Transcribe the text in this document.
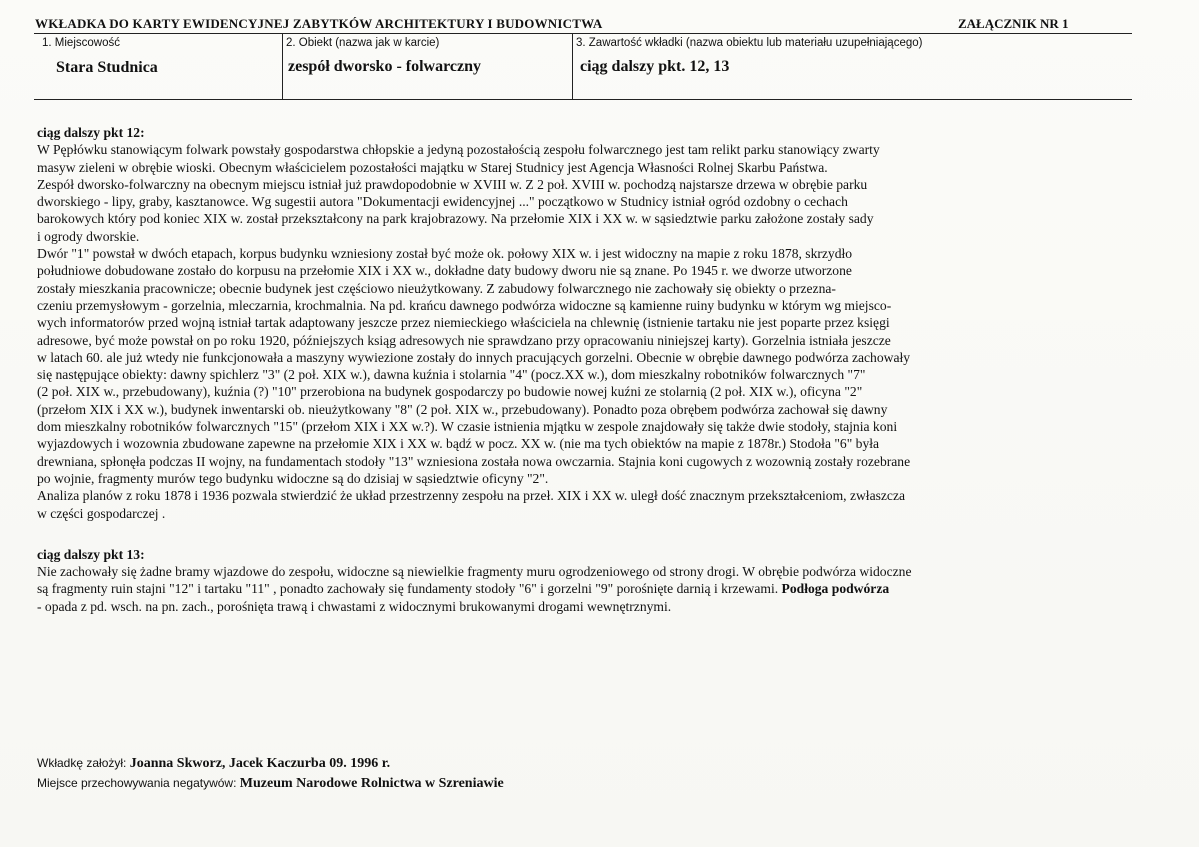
WKŁADKA DO KARTY EWIDENCYJNEJ ZABYTKÓW ARCHITEKTURY I BUDOWNICTWA	ZAŁĄCZNIK NR 1
1. Miejscowość
Stara Studnica
2. Obiekt (nazwa jak w karcie)
zespół dworsko - folwarczny
3. Zawartość wkładki (nazwa obiektu lub materiału uzupełniającego)
ciąg dalszy pkt. 12, 13
ciąg dalszy pkt 12:

W Pępłówku stanowiącym folwark powstały gospodarstwa chłopskie a jedyną pozostałością zespołu folwarcznego jest tam relikt parku stanowiący zwarty
masyw zieleni w obrębie wioski. Obecnym właścicielem pozostałości majątku w Starej Studnicy jest Agencja Własności Rolnej Skarbu Państwa.

Zespół dworsko-folwarczny na obecnym miejscu istniał już prawdopodobnie w XVIII w. Z 2 poł. XVIII w. pochodzą najstarsze drzewa w obrębie parku
dworskiego - lipy, graby, kasztanowce. Wg sugestii autora "Dokumentacji ewidencyjnej ..." początkowo w Studnicy istniał ogród ozdobny o cechach
barokowych który pod koniec XIX w. został przekształcony na park krajobrazowy. Na przełomie XIX i XX w. w sąsiedztwie parku założone zostały sady
i ogrody dworskie.

Dwór "1" powstał w dwóch etapach, korpus budynku wzniesiony został być może ok. połowy XIX w. i jest widoczny na mapie z roku 1878, skrzydło
południowe dobudowane zostało do korpusu na przełomie XIX i XX w., dokładne daty budowy dworu nie są znane. Po 1945 r. we dworze utworzone
zostały mieszkania pracownicze; obecnie budynek jest częściowo nieużytkowany. Z zabudowy folwarcznego nie zachowały się obiekty o przezna-
czeniu przemysłowym - gorzelnia, mleczarnia, krochmalnia. Na pd. krańcu dawnego podwórza widoczne są kamienne ruiny budynku w którym wg miejsco-
wych informatorów przed wojną istniał tartak adaptowany jeszcze przez niemieckiego właściciela na chlewnię (istnienie tartaku nie jest poparte przez księgi
adresowe, być może powstał on po roku 1920, późniejszych ksiąg adresowych nie sprawdzano przy opracowaniu niniejszej karty). Gorzelnia istniała jeszcze
w latach 60. ale już wtedy nie funkcjonowała a maszyny wywiezione zostały do innych pracujących gorzelni. Obecnie w obrębie dawnego podwórza zachowały
się następujące obiekty: dawny spichlerz "3" (2 poł. XIX w.), dawna kuźnia i stolarnia "4" (pocz.XX w.), dom mieszkalny robotników folwarcznych "7"
(2 poł. XIX w., przebudowany), kuźnia (?) "10" przerobiona na budynek gospodarczy po budowie nowej kuźni ze stolarnią (2 poł. XIX w.), oficyna "2"
(przełom XIX i XX w.), budynek inwentarski ob. nieużytkowany "8" (2 poł. XIX w., przebudowany). Ponadto poza obrębem podwórza zachował się dawny
dom mieszkalny robotników folwarcznych "15" (przełom XIX i XX w.?). W czasie istnienia mjątku w zespole znajdowały się także dwie stodoły, stajnia koni
wyjazdowych i wozownia zbudowane zapewne na przełomie XIX i XX w. bądź w pocz. XX w. (nie ma tych obiektów na mapie z 1878r.) Stodoła "6" była
drewniana, spłonęła podczas II wojny, na fundamentach stodoły "13" wzniesiona została nowa owczarnia. Stajnia koni cugowych z wozownią zostały rozebrane
po wojnie, fragmenty murów tego budynku widoczne są do dzisiaj w sąsiedztwie oficyny "2".

Analiza planów z roku 1878 i 1936 pozwala stwierdzić że układ przestrzenny zespołu na przeł. XIX i XX w. uległ dość znacznym przekształceniom, zwłaszcza
w części gospodarczej .

ciąg dalszy pkt 13:

Nie zachowały się żadne bramy wjazdowe do zespołu, widoczne są niewielkie fragmenty muru ogrodzeniowego od strony drogi. W obrębie podwórza widoczne
są fragmenty ruin stajni "12" i tartaku "11" , ponadto zachowały się fundamenty stodoły "6" i gorzelni "9" porośnięte darnią i krzewami. Podłoga podwórza
- opada z pd. wsch. na pn. zach., porośnięta trawą i chwastami z widocznymi brukowanymi drogami wewnętrznymi.

Wkładkę założył: Joanna Skworz, Jacek Kaczurba 09. 1996 r.
Miejsce przechowywania negatywów: Muzeum Narodowe Rolnictwa w Szreniawie
